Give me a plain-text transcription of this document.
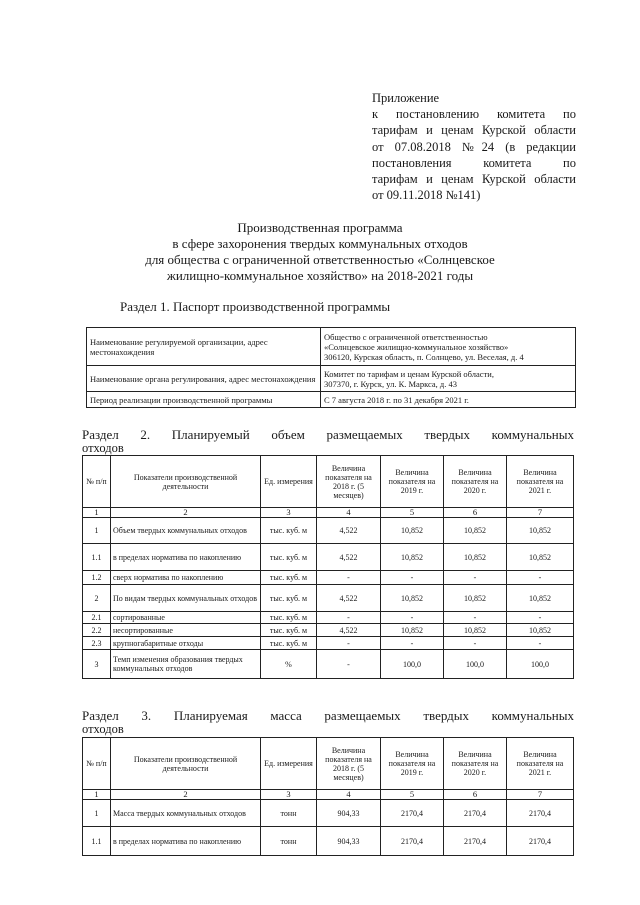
Приложение
к постановлению комитета по
тарифам и ценам Курской области
от 07.08.2018 №24 (в редакции
постановления комитета по
тарифам и ценам Курской области
от 09.11.2018 №141)
Производственная программа
в сфере захоронения твердых коммунальных отходов
для общества с ограниченной ответственностью «Солнцевское
жилищно-коммунальное хозяйство» на 2018-2021 годы
Раздел 1. Паспорт производственной программы
Наименование регулируемой организации, адрес местонахождения	Общество с ограниченной ответственностью
«Солнцевское жилищно-коммунальное хозяйство»
306120, Курская область, п. Солнцево, ул. Веселая, д. 4

Наименование органа регулирования, адрес местонахождения	Комитет по тарифам и ценам Курской области,
307370, г. Курск, ул. К. Маркса, д. 43

Период реализации производственной программы	С 7 августа 2018 г. по 31 декабря 2021 г.
Раздел 2. Планируемый объем размещаемых твердых коммунальных
отходов
№ п/п	Показатели производственной деятельности	Ед. измерения	Величина показателя на 2018 г. (5 месяцев)	Величина показателя на 2019 г.	Величина показателя на 2020 г.	Величина показателя на 2021 г.
1	2	3	4	5	6	7
1	Объем твердых коммунальных отходов	тыс. куб. м	4,522	10,852	10,852	10,852
1.1	в пределах норматива по накоплению	тыс. куб. м	4,522	10,852	10,852	10,852
1.2	сверх норматива по накоплению	тыс. куб. м	-	-	-	-
2	По видам твердых коммунальных отходов	тыс. куб. м	4,522	10,852	10,852	10,852
2.1	сортированные	тыс. куб. м	-	-	-	-
2.2	несортированные	тыс. куб. м	4,522	10,852	10,852	10,852
2.3	крупногабаритные отходы	тыс. куб. м	-	-	-	-
3	Темп изменения образования твердых коммунальных отходов	%	-	100,0	100,0	100,0
Раздел 3. Планируемая масса размещаемых твердых коммунальных
отходов
№ п/п	Показатели производственной деятельности	Ед. измерения	Величина показателя на 2018 г. (5 месяцев)	Величина показателя на 2019 г.	Величина показателя на 2020 г.	Величина показателя на 2021 г.
1	2	3	4	5	6	7
1	Масса твердых коммунальных отходов	тонн	904,33	2170,4	2170,4	2170,4
1.1	в пределах норматива по накоплению	тонн	904,33	2170,4	2170,4	2170,4
